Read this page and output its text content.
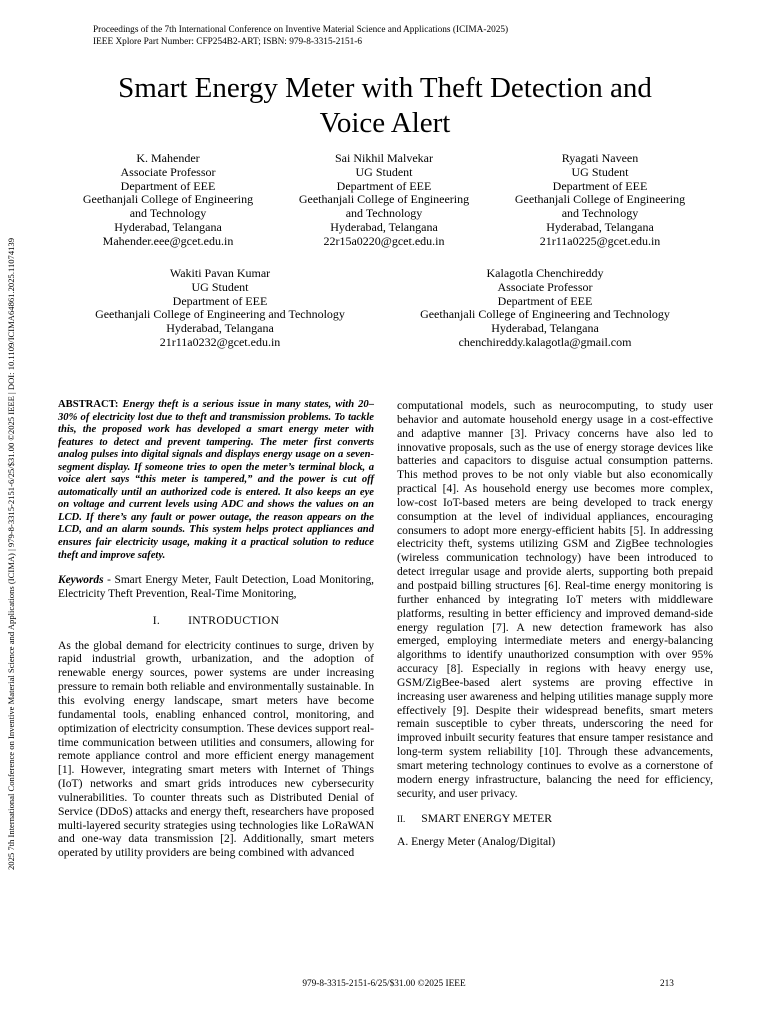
Proceedings of the 7th International Conference on Inventive Material Science and Applications (ICIMA-2025)
IEEE Xplore Part Number: CFP254B2-ART; ISBN: 979-8-3315-2151-6
2025 7th International Conference on Inventive Material Science and Applications (ICIMA) | 979-8-3315-2151-6/25/$31.00 ©2025 IEEE | DOI: 10.1109/ICIMA64861.2025.11074139
Smart Energy Meter with Theft Detection and
Voice Alert
K. Mahender
Associate Professor
Department of EEE
Geethanjali College of Engineering
and Technology
Hyderabad, Telangana
Mahender.eee@gcet.edu.in
Sai Nikhil Malvekar
UG Student
Department of EEE
Geethanjali College of Engineering
and Technology
Hyderabad, Telangana
22r15a0220@gcet.edu.in
Ryagati Naveen
UG Student
Department of EEE
Geethanjali College of Engineering
and Technology
Hyderabad, Telangana
21r11a0225@gcet.edu.in
Wakiti Pavan Kumar
UG Student
Department of EEE
Geethanjali College of Engineering and Technology
Hyderabad, Telangana
21r11a0232@gcet.edu.in
Kalagotla Chenchireddy
Associate Professor
Department of EEE
Geethanjali College of Engineering and Technology
Hyderabad, Telangana
chenchireddy.kalagotla@gmail.com

ABSTRACT: Energy theft is a serious issue in many states, with 20–30% of electricity lost due to theft and transmission problems. To tackle this, the proposed work has developed a smart energy meter with features to detect and prevent tampering. The meter first converts analog pulses into digital signals and displays energy usage on a seven-segment display. If someone tries to open the meter’s terminal block, a voice alert says “this meter is tampered,” and the power is cut off automatically until an authorized code is entered. It also keeps an eye on voltage and current levels using ADC and shows the values on an LCD. If there’s any fault or power outage, the reason appears on the LCD, and an alarm sounds. This system helps protect appliances and ensures fair electricity usage, making it a practical solution to reduce theft and improve safety.

Keywords - Smart Energy Meter, Fault Detection, Load Monitoring, Electricity Theft Prevention, Real-Time Monitoring,

I. INTRODUCTION

As the global demand for electricity continues to surge, driven by rapid industrial growth, urbanization, and the adoption of renewable energy sources, power systems are under increasing pressure to remain both reliable and environmentally sustainable. In this evolving energy landscape, smart meters have become fundamental tools, enabling enhanced control, monitoring, and optimization of electricity consumption. These devices support real-time communication between utilities and consumers, allowing for remote appliance control and more efficient energy management [1]. However, integrating smart meters with Internet of Things (IoT) networks and smart grids introduces new cybersecurity vulnerabilities. To counter threats such as Distributed Denial of Service (DDoS) attacks and energy theft, researchers have proposed multi-layered security strategies using technologies like LoRaWAN and one-way data transmission [2]. Additionally, smart meters operated by utility providers are being combined with advanced

computational models, such as neurocomputing, to study user behavior and automate household energy usage in a cost-effective and adaptive manner [3]. Privacy concerns have also led to innovative proposals, such as the use of energy storage devices like batteries and capacitors to disguise actual consumption patterns. This method proves to be not only viable but also economically practical [4]. As household energy use becomes more complex, low-cost IoT-based meters are being developed to track energy consumption at the level of individual appliances, encouraging consumers to adopt more energy-efficient habits [5]. In addressing electricity theft, systems utilizing GSM and ZigBee technologies (wireless communication technology) have been introduced to detect irregular usage and provide alerts, supporting both prepaid and postpaid billing structures [6]. Real-time energy monitoring is further enhanced by integrating IoT meters with middleware platforms, resulting in better efficiency and improved demand-side energy regulation [7]. A new detection framework has also emerged, employing intermediate meters and energy-balancing algorithms to identify unauthorized consumption with over 95% accuracy [8]. Especially in regions with heavy energy use, GSM/ZigBee-based alert systems are proving effective in increasing user awareness and helping utilities manage supply more effectively [9]. Despite their widespread benefits, smart meters remain susceptible to cyber threats, underscoring the need for improved inbuilt security features that ensure tamper resistance and long-term system reliability [10]. Through these advancements, smart metering technology continues to evolve as a cornerstone of modern energy infrastructure, balancing the need for efficiency, security, and user privacy.

II. SMART ENERGY METER
A. Energy Meter (Analog/Digital)
979-8-3315-2151-6/25/$31.00 ©2025 IEEE	213
